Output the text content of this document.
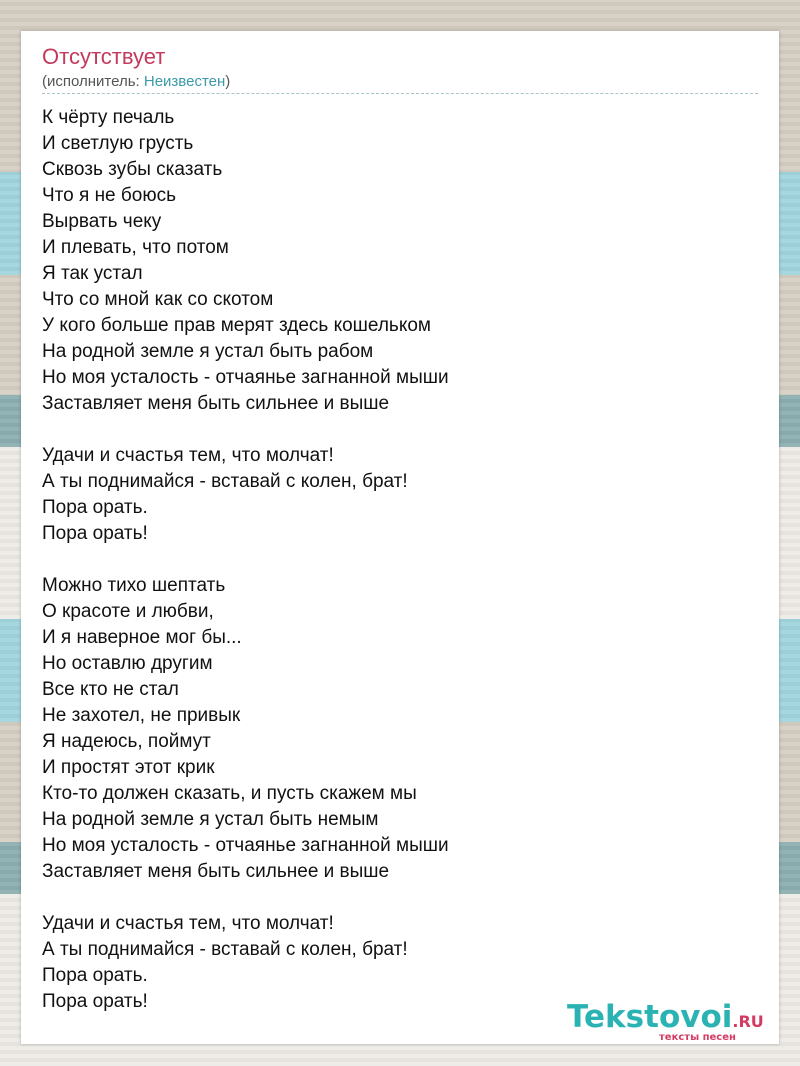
Отсутствует
(исполнитель: Неизвестен)
К чёрту печаль
И светлую грусть
Сквозь зубы сказать
Что я не боюсь
Вырвать чеку
И плевать, что потом
Я так устал
Что со мной как со скотом
У кого больше прав мерят здесь кошельком
На родной земле я устал быть рабом
Но моя усталость - отчаянье загнанной мыши
Заставляет меня быть сильнее и выше
Удачи и счастья тем, что молчат!
А ты поднимайся - вставай с колен, брат!
Пора орать.
Пора орать!
Можно тихо шептать
О красоте и любви,
И я наверное мог бы...
Но оставлю другим
Все кто не стал
Не захотел, не привык
Я надеюсь, поймут
И простят этот крик
Кто-то должен сказать, и пусть скажем мы
На родной земле я устал быть немым
Но моя усталость - отчаянье загнанной мыши
Заставляет меня быть сильнее и выше
Удачи и счастья тем, что молчат!
А ты поднимайся - вставай с колен, брат!
Пора орать.
Пора орать!	Tekstovoi.RU
тексты песен
